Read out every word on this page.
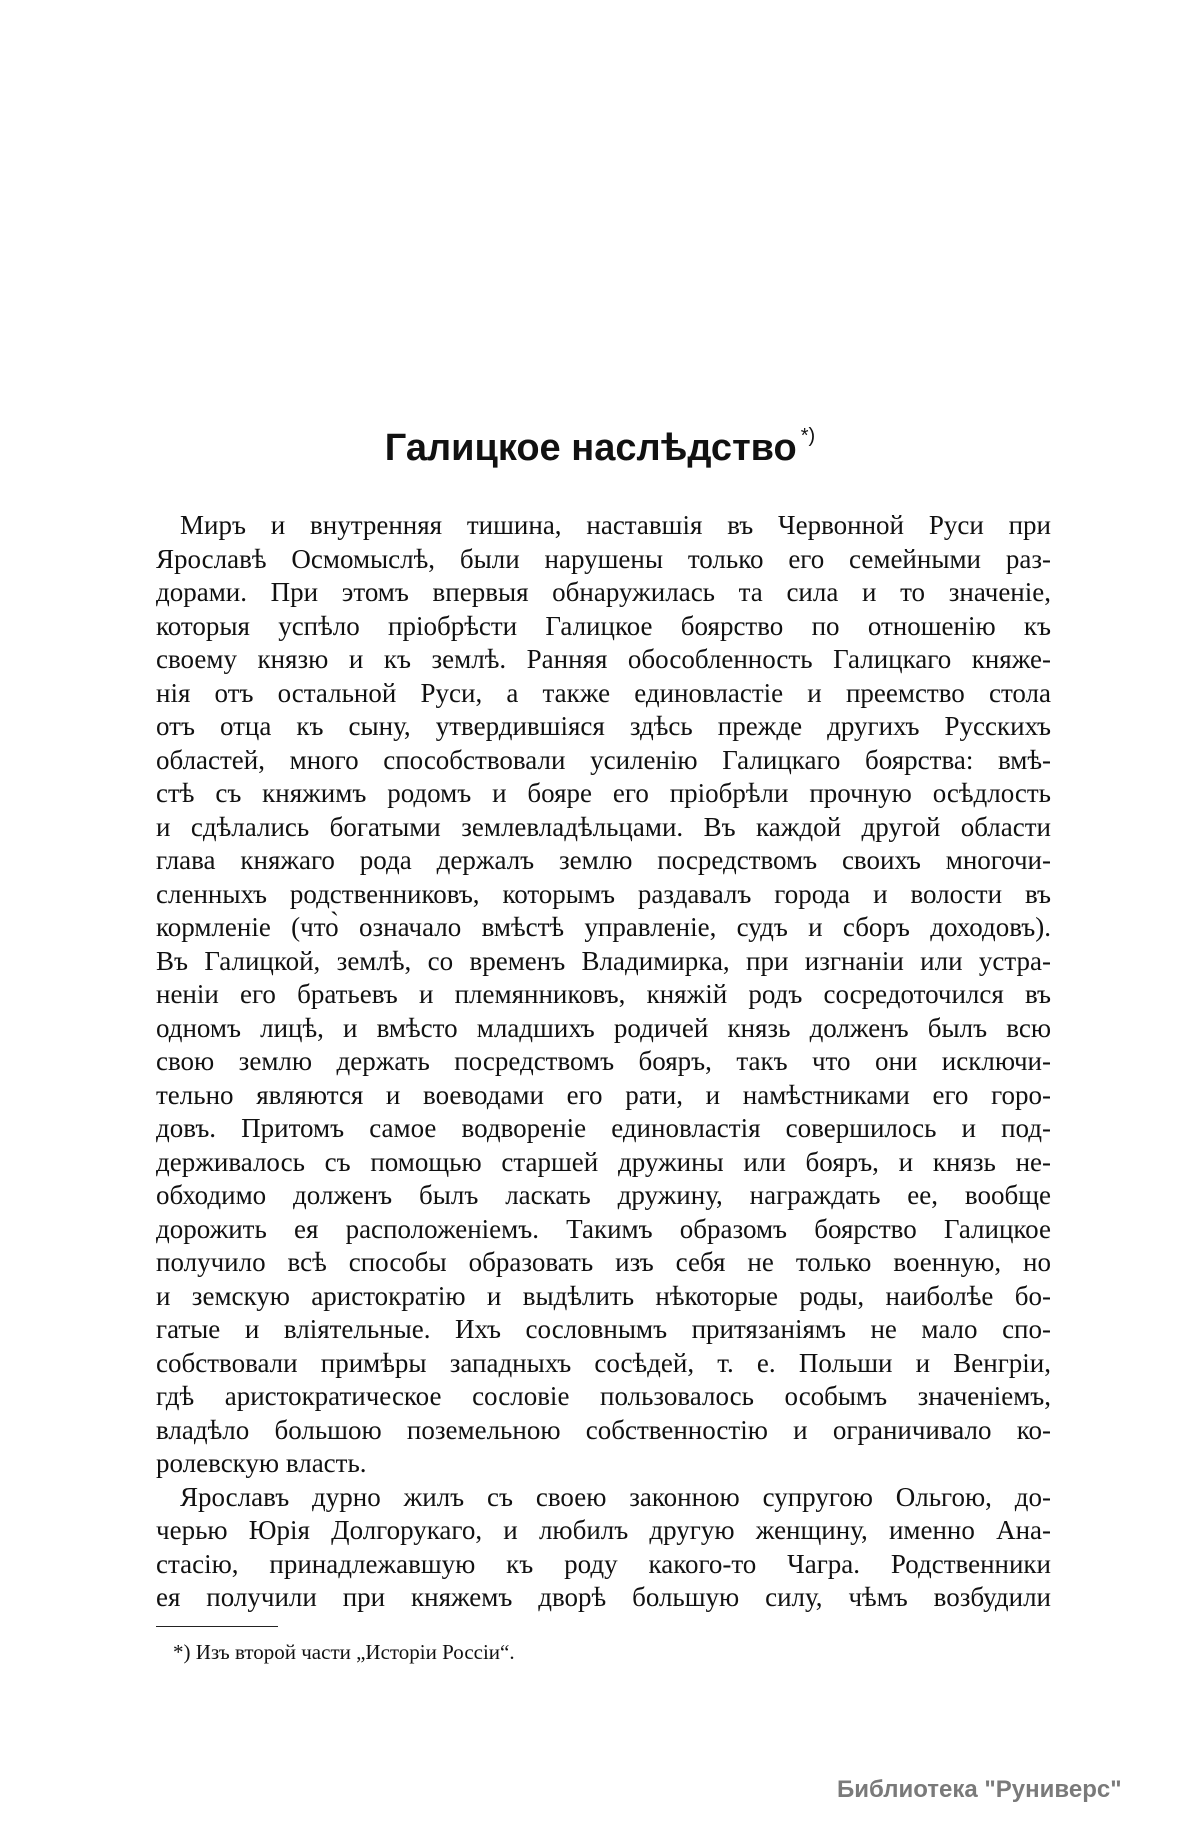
Галицкое наслѣдство *)
Миръ и внутренняя тишина, наставшія въ Червонной Руси при
Ярославѣ Осмомыслѣ, были нарушены только его семейными раз-
дорами. При этомъ впервыя обнаружилась та сила и то значеніе,
которыя успѣло пріобрѣсти Галицкое боярство по отношенію къ
своему князю и къ землѣ. Ранняя обособленность Галицкаго княже-
нія отъ остальной Руси, а также единовластіе и преемство стола
отъ отца къ сыну, утвердившіяся здѣсь прежде другихъ Русскихъ
областей, много способствовали усиленію Галицкаго боярства: вмѣ-
стѣ съ княжимъ родомъ и бояре его пріобрѣли прочную осѣдлость
и сдѣлались богатыми землевладѣльцами. Въ каждой другой области
глава княжаго рода держалъ землю посредствомъ своихъ многочи-
сленныхъ родственниковъ, которымъ раздавалъ города и волости въ
кормленіе (что̀ означало вмѣстѣ управленіе, судъ и сборъ доходовъ).
Въ Галицкой, землѣ, со временъ Владимирка, при изгнаніи или устра-
неніи его братьевъ и племянниковъ, княжій родъ сосредоточился въ
одномъ лицѣ, и вмѣсто младшихъ родичей князь долженъ былъ всю
свою землю держать посредствомъ бояръ, такъ что они исключи-
тельно являются и воеводами его рати, и намѣстниками его горо-
довъ. Притомъ самое водвореніе единовластія совершилось и под-
держивалось съ помощью старшей дружины или бояръ, и князь не-
обходимо долженъ былъ ласкать дружину, награждать ее, вообще
дорожить ея расположеніемъ. Такимъ образомъ боярство Галицкое
получило всѣ способы образовать изъ себя не только военную, но
и земскую аристократію и выдѣлить нѣкоторые роды, наиболѣе бо-
гатые и вліятельные. Ихъ сословнымъ притязаніямъ не мало спо-
собствовали примѣры западныхъ сосѣдей, т. е. Польши и Венгріи,
гдѣ аристократическое сословіе пользовалось особымъ значеніемъ,
владѣло большою поземельною собственностію и ограничивало ко-
ролевскую власть.
Ярославъ дурно жилъ съ своею законною супругою Ольгою, до-
черью Юрія Долгорукаго, и любилъ другую женщину, именно Ана-
стасію, принадлежавшую къ роду какого-то Чагра. Родственники
ея получили при княжемъ дворѣ большую силу, чѣмъ возбудили
*) Изъ второй части „Исторіи Россіи“.
Библиотека "Руниверс"
